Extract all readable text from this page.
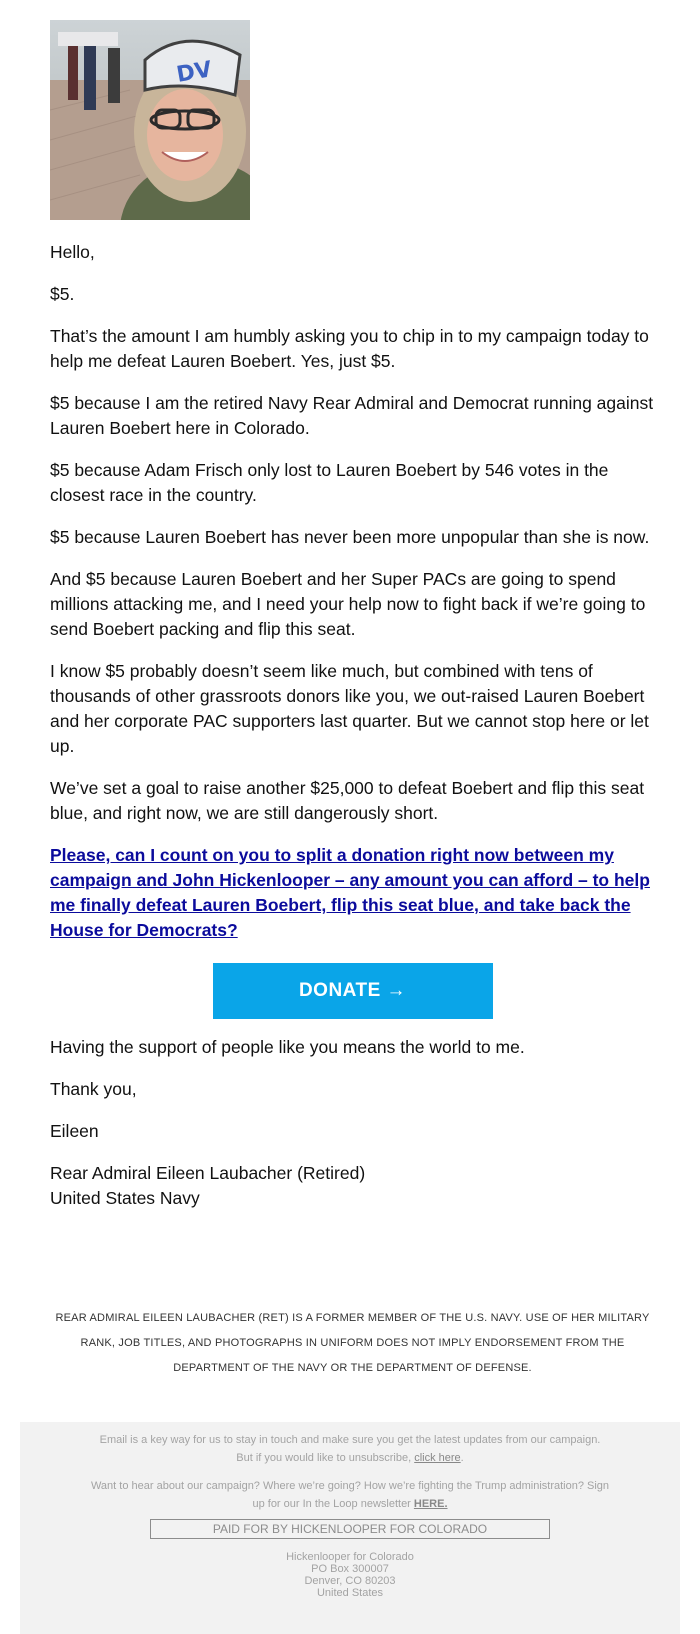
DV

Hello,

$5.

That’s the amount I am humbly asking you to chip in to my campaign today to help me defeat Lauren Boebert. Yes, just $5.

$5 because I am the retired Navy Rear Admiral and Democrat running against Lauren Boebert here in Colorado.

$5 because Adam Frisch only lost to Lauren Boebert by 546 votes in the closest race in the country.

$5 because Lauren Boebert has never been more unpopular than she is now.

And $5 because Lauren Boebert and her Super PACs are going to spend millions attacking me, and I need your help now to fight back if we’re going to send Boebert packing and flip this seat.

I know $5 probably doesn’t seem like much, but combined with tens of thousands of other grassroots donors like you, we out-raised Lauren Boebert and her corporate PAC supporters last quarter. But we cannot stop here or let up.

We’ve set a goal to raise another $25,000 to defeat Boebert and flip this seat blue, and right now, we are still dangerously short.

Please, can I count on you to split a donation right now between my campaign and John Hickenlooper – any amount you can afford – to help me finally defeat Lauren Boebert, flip this seat blue, and take back the House for Democrats?
DONATE →

Having the support of people like you means the world to me.

Thank you,

Eileen

Rear Admiral Eileen Laubacher (Retired)

United States Navy

REAR ADMIRAL EILEEN LAUBACHER (RET) IS A FORMER MEMBER OF THE U.S. NAVY. USE OF HER MILITARY RANK, JOB TITLES, AND PHOTOGRAPHS IN UNIFORM DOES NOT IMPLY ENDORSEMENT FROM THE DEPARTMENT OF THE NAVY OR THE DEPARTMENT OF DEFENSE.
Email is a key way for us to stay in touch and make sure you get the latest updates from our campaign.
But if you would like to unsubscribe, click here.
Want to hear about our campaign? Where we’re going? How we’re fighting the Trump administration? Sign up for our In the Loop newsletter HERE.
PAID FOR BY HICKENLOOPER FOR COLORADO
Hickenlooper for Colorado
PO Box 300007
Denver, CO 80203
United States
